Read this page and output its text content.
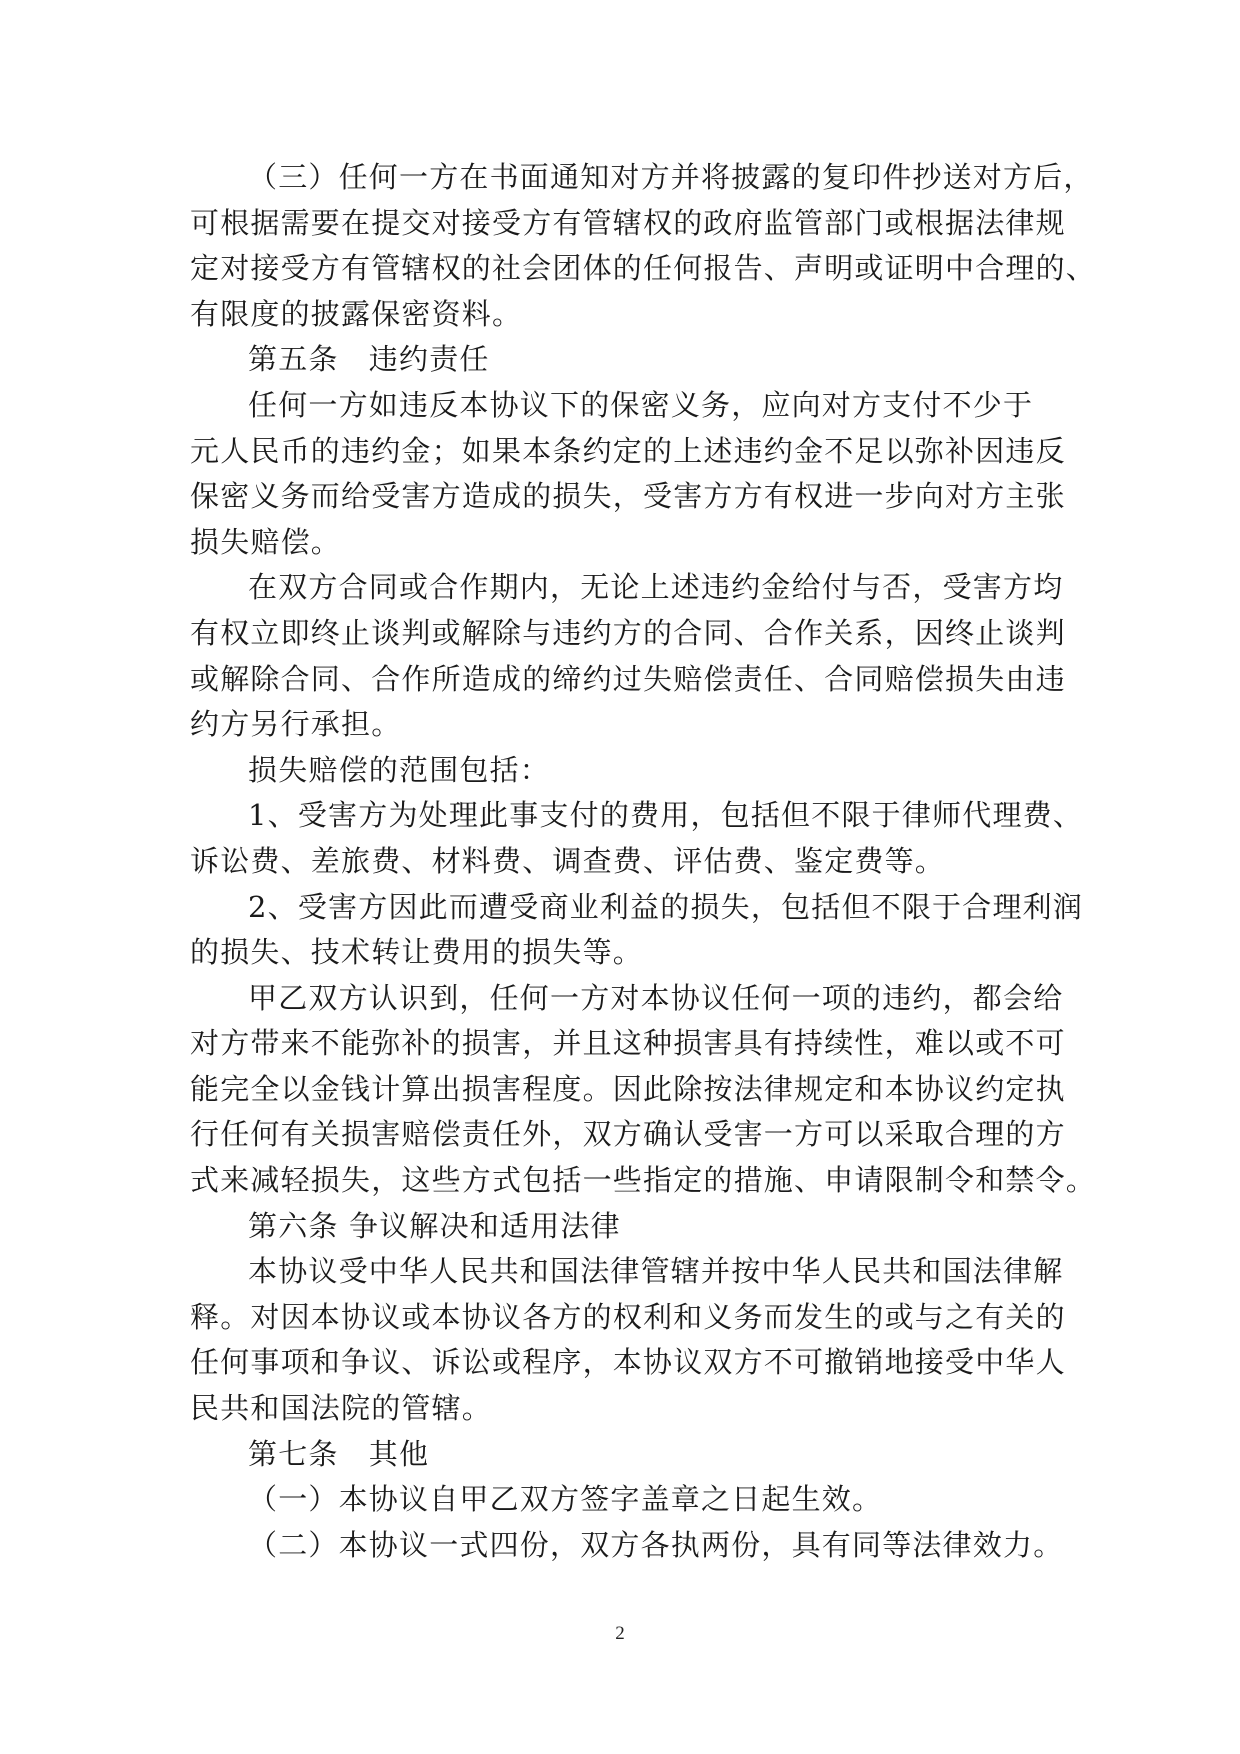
（三）任何一方在书面通知对方并将披露的复印件抄送对方后，
可根据需要在提交对接受方有管辖权的政府监管部门或根据法律规
定对接受方有管辖权的社会团体的任何报告、声明或证明中合理的、
有限度的披露保密资料。
第五条　违约责任
任何一方如违反本协议下的保密义务，应向对方支付不少于
元人民币的违约金；如果本条约定的上述违约金不足以弥补因违反
保密义务而给受害方造成的损失，受害方方有权进一步向对方主张
损失赔偿。
在双方合同或合作期内，无论上述违约金给付与否，受害方均
有权立即终止谈判或解除与违约方的合同、合作关系，因终止谈判
或解除合同、合作所造成的缔约过失赔偿责任、合同赔偿损失由违
约方另行承担。
损失赔偿的范围包括：
1、受害方为处理此事支付的费用，包括但不限于律师代理费、
诉讼费、差旅费、材料费、调查费、评估费、鉴定费等。
2、受害方因此而遭受商业利益的损失，包括但不限于合理利润
的损失、技术转让费用的损失等。
甲乙双方认识到，任何一方对本协议任何一项的违约，都会给
对方带来不能弥补的损害，并且这种损害具有持续性，难以或不可
能完全以金钱计算出损害程度。因此除按法律规定和本协议约定执
行任何有关损害赔偿责任外，双方确认受害一方可以采取合理的方
式来减轻损失，这些方式包括一些指定的措施、申请限制令和禁令。
第六条 争议解决和适用法律
本协议受中华人民共和国法律管辖并按中华人民共和国法律解
释。对因本协议或本协议各方的权利和义务而发生的或与之有关的
任何事项和争议、诉讼或程序，本协议双方不可撤销地接受中华人
民共和国法院的管辖。
第七条　其他
（一）本协议自甲乙双方签字盖章之日起生效。
（二）本协议一式四份，双方各执两份，具有同等法律效力。
2
